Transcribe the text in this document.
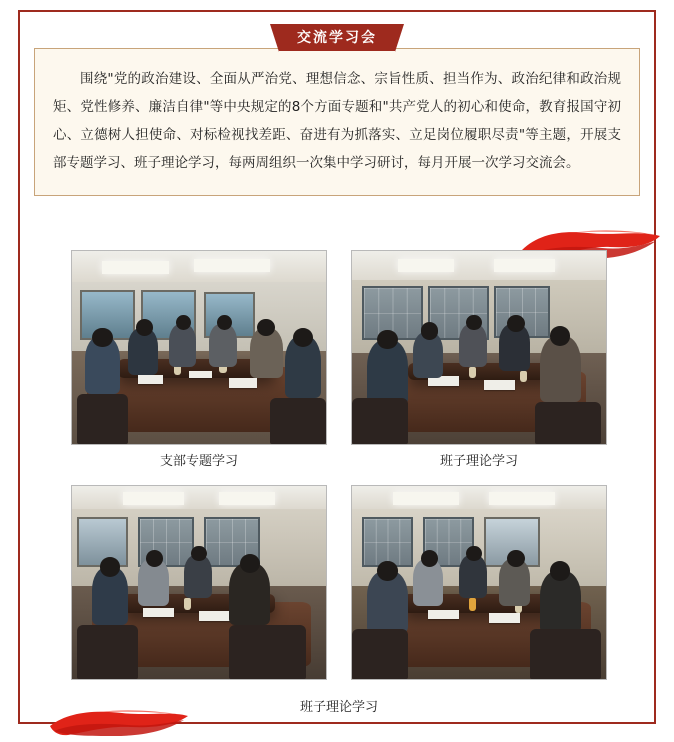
交流学习会

围绕"党的政治建设、全面从严治党、理想信念、宗旨性质、担当作为、政治纪律和政治规矩、党性修养、廉洁自律"等中央规定的8个方面专题和"共产党人的初心和使命，教育报国守初心、立德树人担使命、对标检视找差距、奋进有为抓落实、立足岗位履职尽责"等主题，开展支部专题学习、班子理论学习，每两周组织一次集中学习研讨，每月开展一次学习交流会。

支部专题学习	班子理论学习
班子理论学习
